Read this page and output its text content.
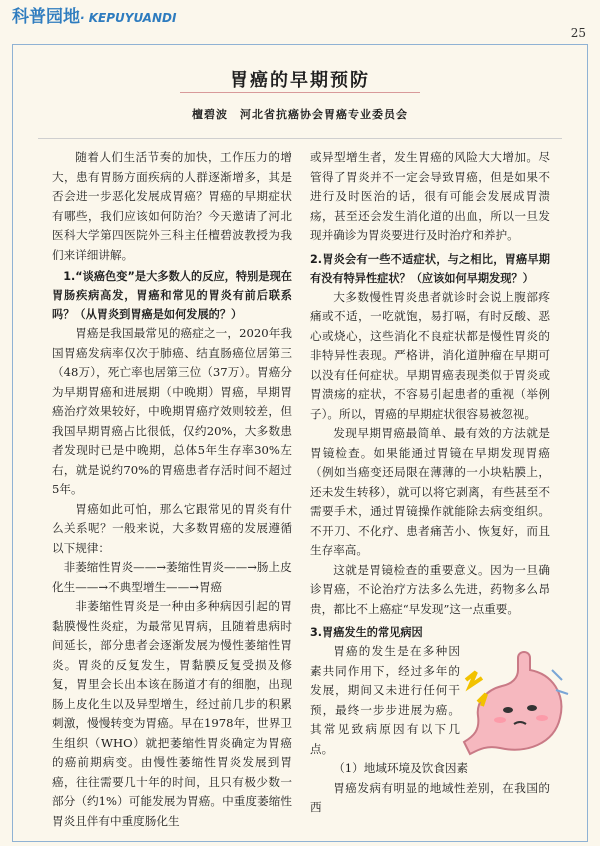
科普园地· KEPUYUANDI
25
胃癌的早期预防
檀碧波 河北省抗癌协会胃癌专业委员会

随着人们生活节奏的加快，工作压力的增大，患有胃肠方面疾病的人群逐渐增多，其是否会进一步恶化发展成胃癌？胃癌的早期症状有哪些，我们应该如何防治？今天邀请了河北医科大学第四医院外三科主任檀碧波教授为我们来详细讲解。

1.“谈癌色变”是大多数人的反应，特别是现在胃肠疾病高发，胃癌和常见的胃炎有前后联系吗？（从胃炎到胃癌是如何发展的？）

胃癌是我国最常见的癌症之一，2020年我国胃癌发病率仅次于肺癌、结直肠癌位居第三（48万），死亡率也居第三位（37万）。胃癌分为早期胃癌和进展期（中晚期）胃癌，早期胃癌治疗效果较好，中晚期胃癌疗效则较差，但我国早期胃癌占比很低，仅约20%，大多数患者发现时已是中晚期，总体5年生存率30%左右，就是说约70%的胃癌患者存活时间不超过5年。

胃癌如此可怕，那么它跟常见的胃炎有什么关系呢？一般来说，大多数胃癌的发展遵循以下规律：

非萎缩性胃炎——→萎缩性胃炎——→肠上皮

化生——→不典型增生——→胃癌

非萎缩性胃炎是一种由多种病因引起的胃黏膜慢性炎症，为最常见胃病，且随着患病时间延长，部分患者会逐渐发展为慢性萎缩性胃炎。胃炎的反复发生，胃黏膜反复受损及修复，胃里会长出本该在肠道才有的细胞，出现肠上皮化生以及异型增生，经过前几步的积累刺激，慢慢转变为胃癌。早在1978年，世界卫生组织（WHO）就把萎缩性胃炎确定为胃癌的癌前期病变。由慢性萎缩性胃炎发展到胃癌，往往需要几十年的时间，且只有极少数一部分（约1%）可能发展为胃癌。中重度萎缩性胃炎且伴有中重度肠化生

或异型增生者，发生胃癌的风险大大增加。尽管得了胃炎并不一定会导致胃癌，但是如果不进行及时医治的话，很有可能会发展成胃溃疡，甚至还会发生消化道的出血，所以一旦发现并确诊为胃炎要进行及时治疗和养护。

2.胃炎会有一些不适症状，与之相比，胃癌早期有没有特异性症状？（应该如何早期发现？）

大多数慢性胃炎患者就诊时会说上腹部疼痛或不适，一吃就饱，易打嗝，有时反酸、恶心或烧心，这些消化不良症状都是慢性胃炎的非特异性表现。严格讲，消化道肿瘤在早期可以没有任何症状。早期胃癌表现类似于胃炎或胃溃疡的症状，不容易引起患者的重视（举例子）。所以，胃癌的早期症状很容易被忽视。

发现早期胃癌最简单、最有效的方法就是胃镜检查。如果能通过胃镜在早期发现胃癌（例如当癌变还局限在薄薄的一小块粘膜上，还未发生转移），就可以将它剥离，有些甚至不需要手术，通过胃镜操作就能除去病变组织。不开刀、不化疗、患者痛苦小、恢复好，而且生存率高。

这就是胃镜检查的重要意义。因为一旦确诊胃癌，不论治疗方法多么先进，药物多么昂贵，都比不上癌症“早发现”这一点重要。

3.胃癌发生的常见病因

胃癌的发生是在多种因素共同作用下，经过多年的发展，期间又未进行任何干预，最终一步步进展为癌。其常见致病原因有以下几点。

（1）地域环境及饮食因素

胃癌发病有明显的地域性差别，在我国的西
